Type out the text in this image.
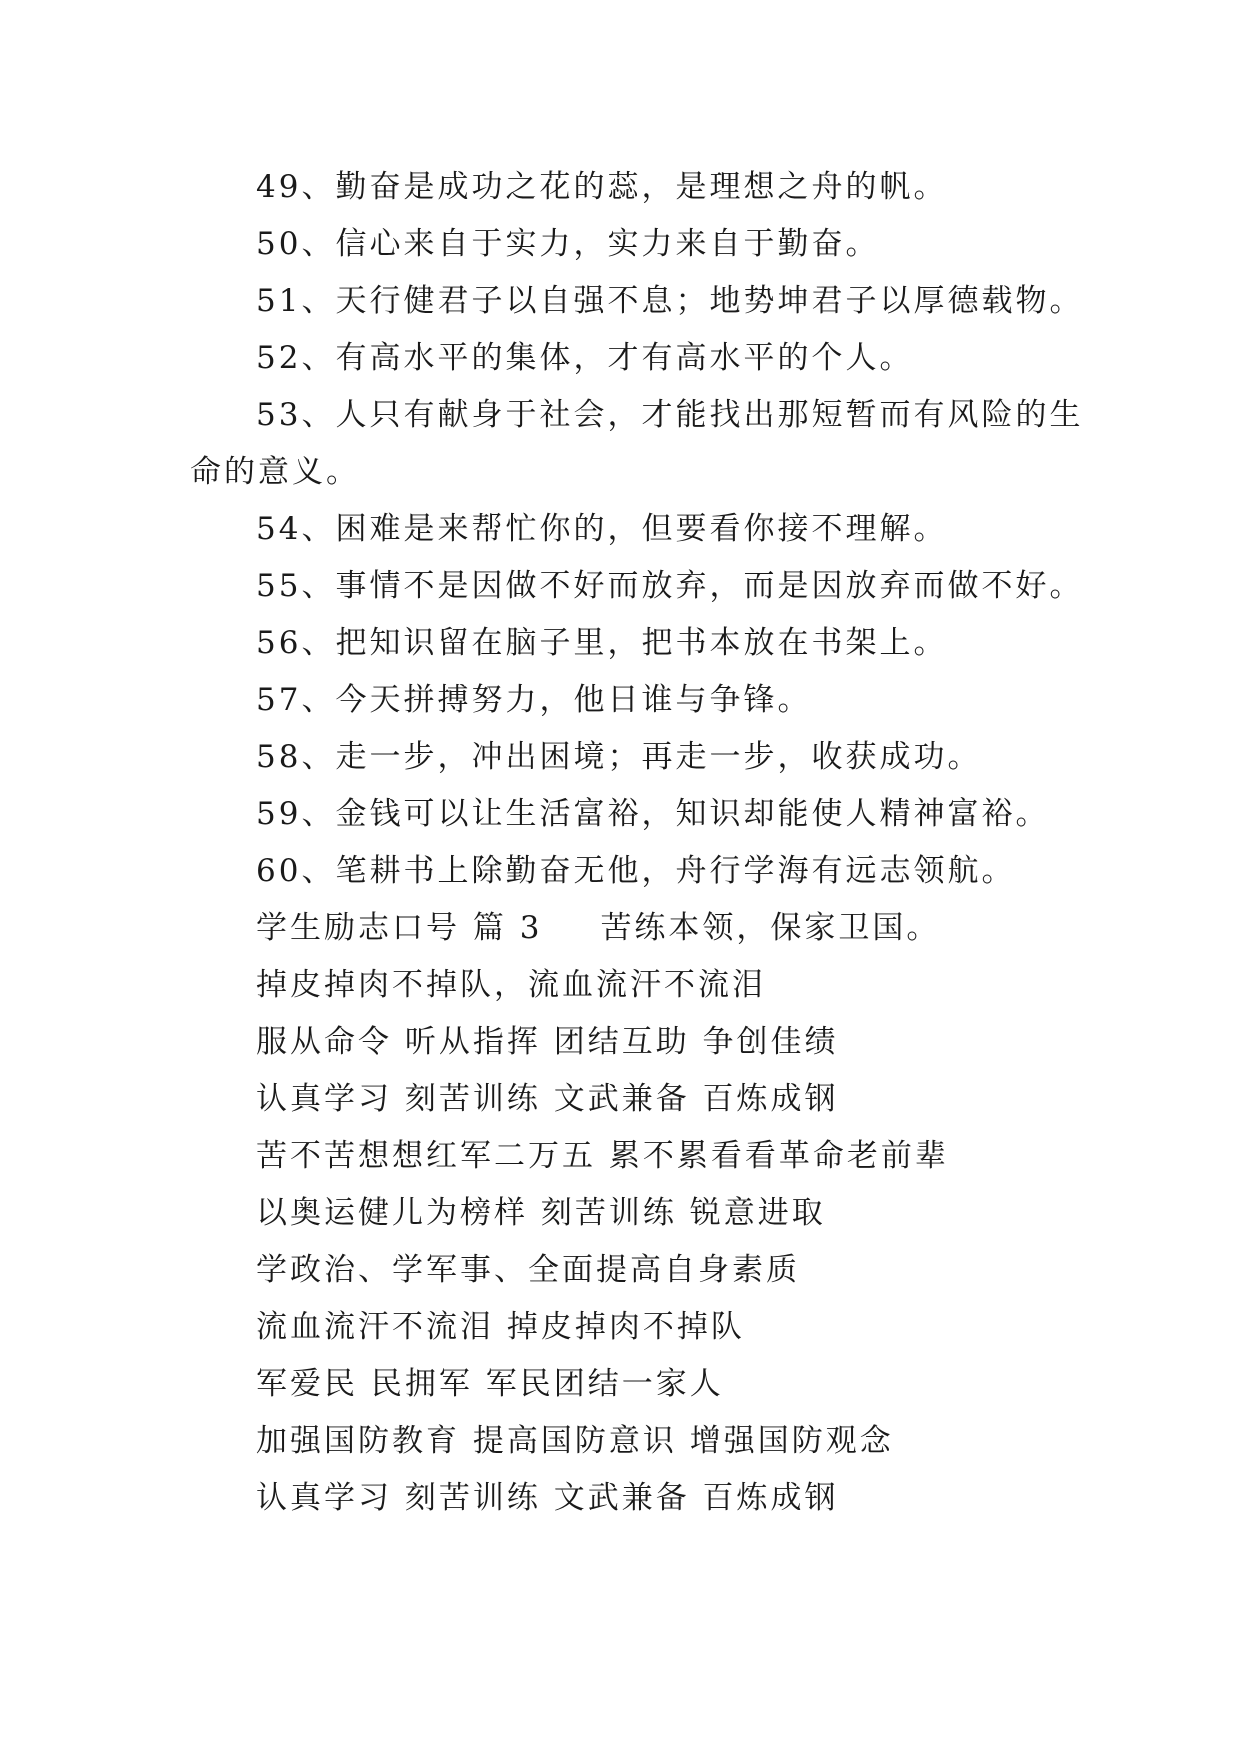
49、勤奋是成功之花的蕊，是理想之舟的帆。
50、信心来自于实力，实力来自于勤奋。
51、天行健君子以自强不息；地势坤君子以厚德载物。
52、有高水平的集体，才有高水平的个人。
53、人只有献身于社会，才能找出那短暂而有风险的生
命的意义。
54、困难是来帮忙你的，但要看你接不理解。
55、事情不是因做不好而放弃，而是因放弃而做不好。
56、把知识留在脑子里，把书本放在书架上。
57、今天拼搏努力，他日谁与争锋。
58、走一步，冲出困境；再走一步，收获成功。
59、金钱可以让生活富裕，知识却能使人精神富裕。
60、笔耕书上除勤奋无他，舟行学海有远志领航。
学生励志口号 篇 3 苦练本领，保家卫国。
掉皮掉肉不掉队，流血流汗不流泪
服从命令 听从指挥 团结互助 争创佳绩
认真学习 刻苦训练 文武兼备 百炼成钢
苦不苦想想红军二万五 累不累看看革命老前辈
以奥运健儿为榜样 刻苦训练 锐意进取
学政治、学军事、全面提高自身素质
流血流汗不流泪 掉皮掉肉不掉队
军爱民 民拥军 军民团结一家人
加强国防教育 提高国防意识 增强国防观念
认真学习 刻苦训练 文武兼备 百炼成钢
